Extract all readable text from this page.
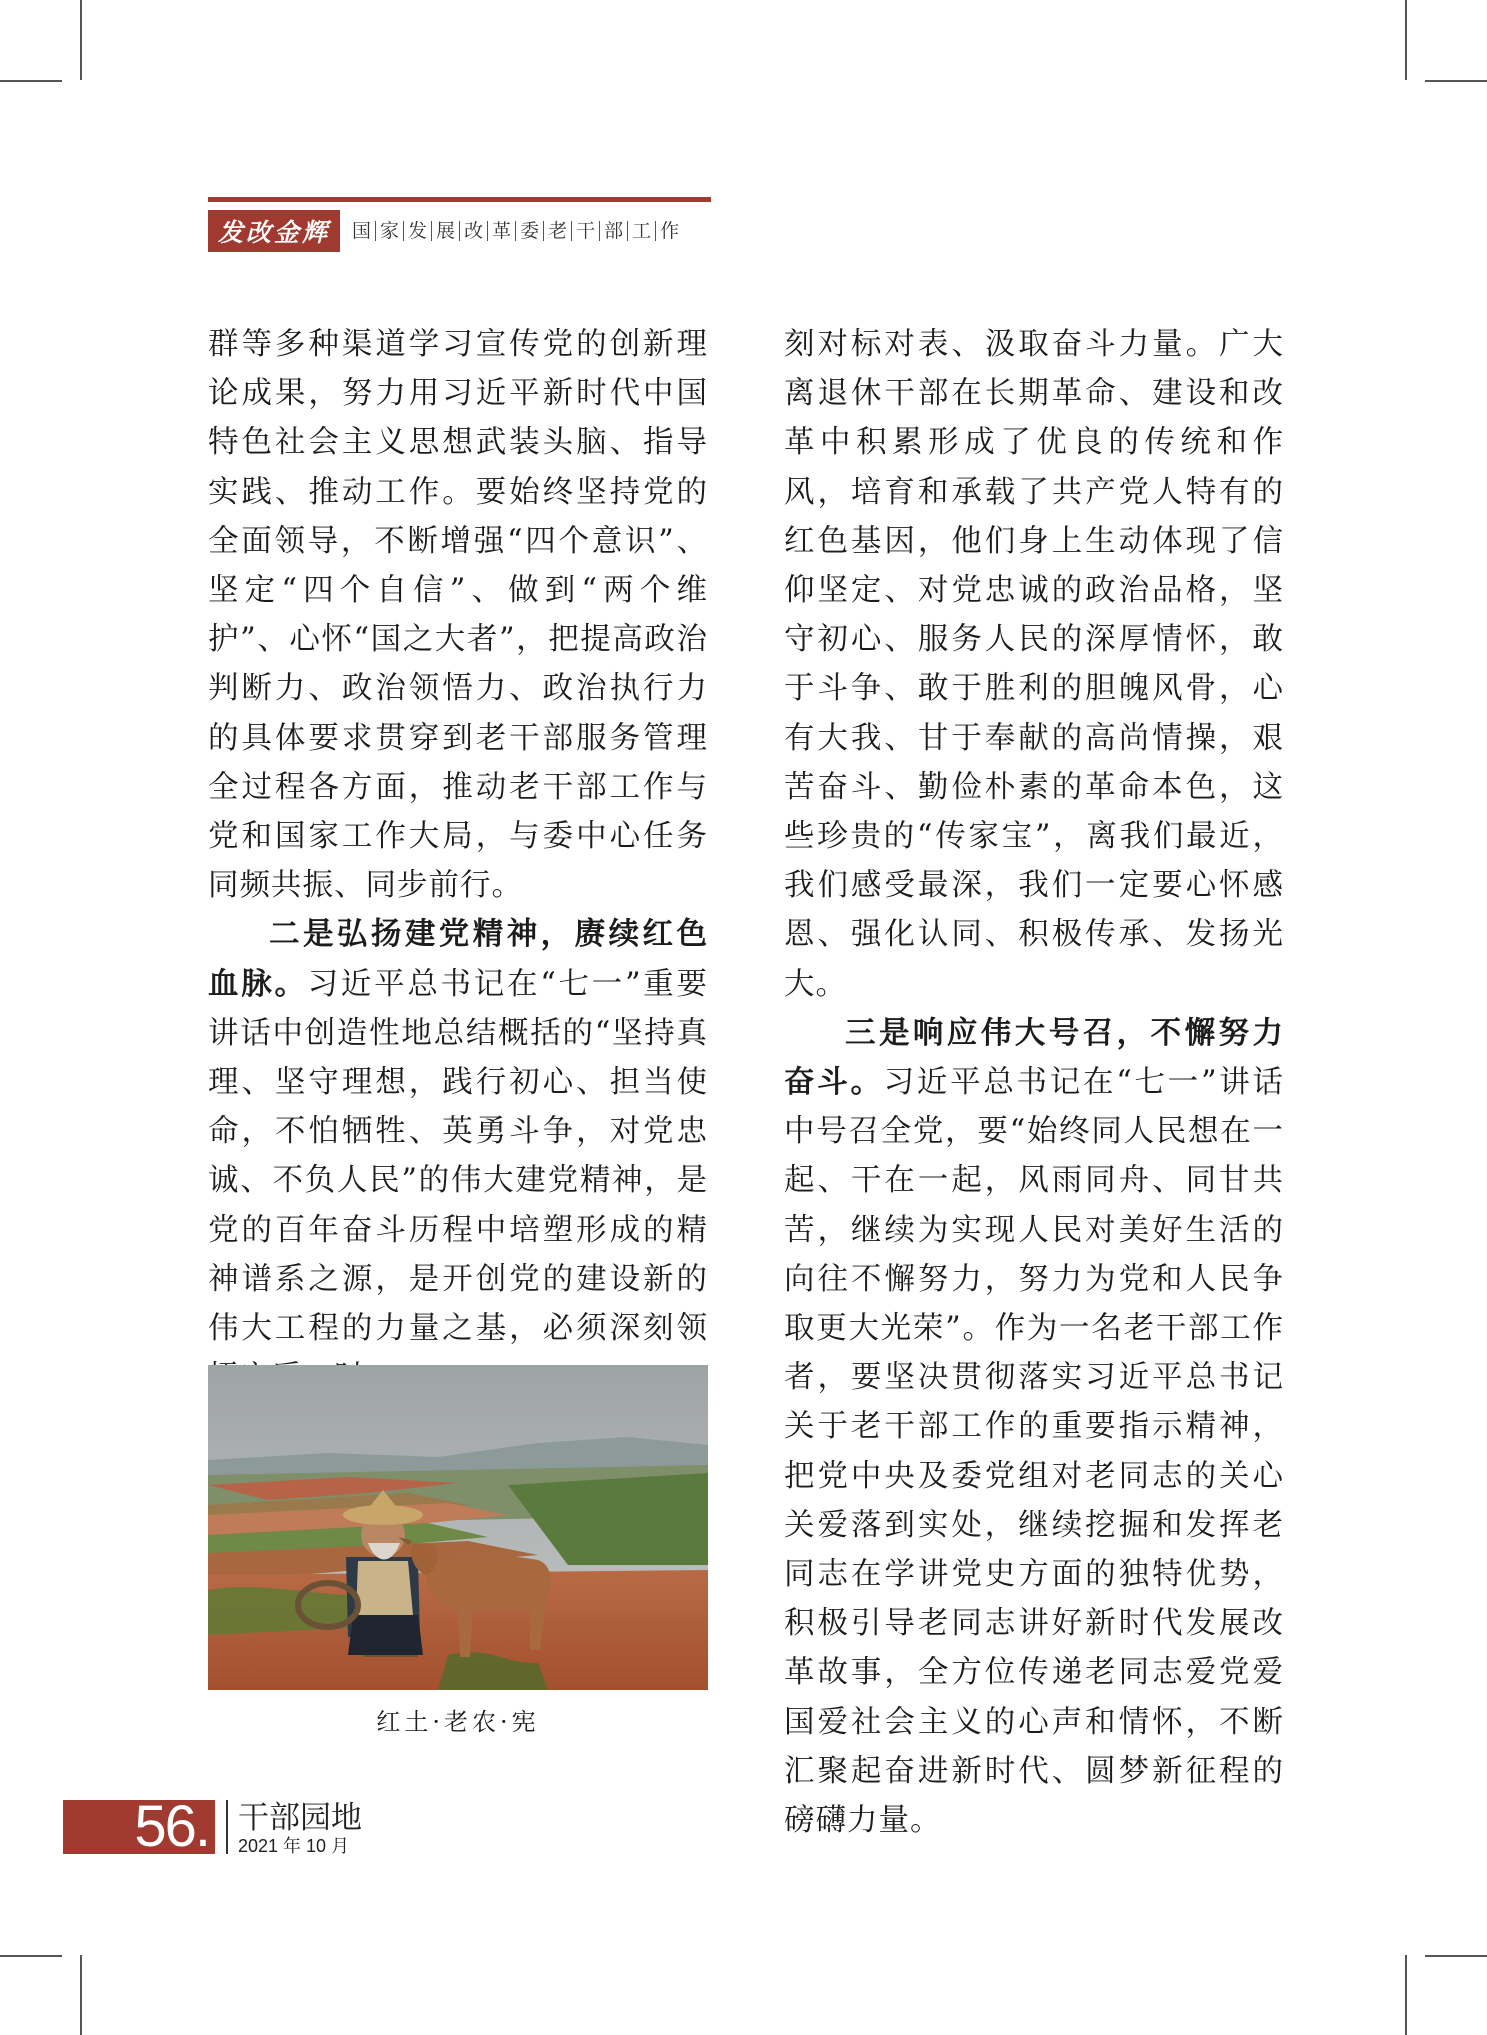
发改金辉	国 家 发 展 改 革 委 老 干 部 工 作

群等多种渠道学习宣传党的创新理论成果，努力用习近平新时代中国特色社会主义思想武装头脑、指导实践、推动工作。要始终坚持党的全面领导，不断增强“四个意识”、坚定“四个自信”、做到“两个维护”、心怀“国之大者”，把提高政治判断力、政治领悟力、政治执行力的具体要求贯穿到老干部服务管理全过程各方面，推动老干部工作与党和国家工作大局，与委中心任务同频共振、同步前行。

二是弘扬建党精神，赓续红色血脉。习近平总书记在“七一”重要讲话中创造性地总结概括的“坚持真理、坚守理想，践行初心、担当使命，不怕牺牲、英勇斗争，对党忠诚、不负人民”的伟大建党精神，是党的百年奋斗历程中培塑形成的精神谱系之源，是开创党的建设新的伟大工程的力量之基，必须深刻领

红土·老农·宪

刻对标对表、汲取奋斗力量。广大离退休干部在长期革命、建设和改革中积累形成了优良的传统和作风，培育和承载了共产党人特有的红色基因，他们身上生动体现了信仰坚定、对党忠诚的政治品格，坚守初心、服务人民的深厚情怀，敢于斗争、敢于胜利的胆魄风骨，心有大我、甘于奉献的高尚情操，艰苦奋斗、勤俭朴素的革命本色，这些珍贵的“传家宝”，离我们最近，我们感受最深，我们一定要心怀感恩、强化认同、积极传承、发扬光大。

三是响应伟大号召，不懈努力奋斗。习近平总书记在“七一”讲话中号召全党，要“始终同人民想在一起、干在一起，风雨同舟、同甘共苦，继续为实现人民对美好生活的向往不懈努力，努力为党和人民争取更大光荣”。作为一名老干部工作者，要坚决贯彻落实习近平总书记关于老干部工作的重要指示精神，把党中央及委党组对老同志的关心关爱落到实处，继续挖掘和发挥老同志在学讲党史方面的独特优势，积极引导老同志讲好新时代发展改革故事，全方位传递老同志爱党爱国爱社会主义的心声和情怀，不断汇聚起奋进新时代、圆梦新征程的磅礴力量。

56. 干部园地
2021 年 10 月
